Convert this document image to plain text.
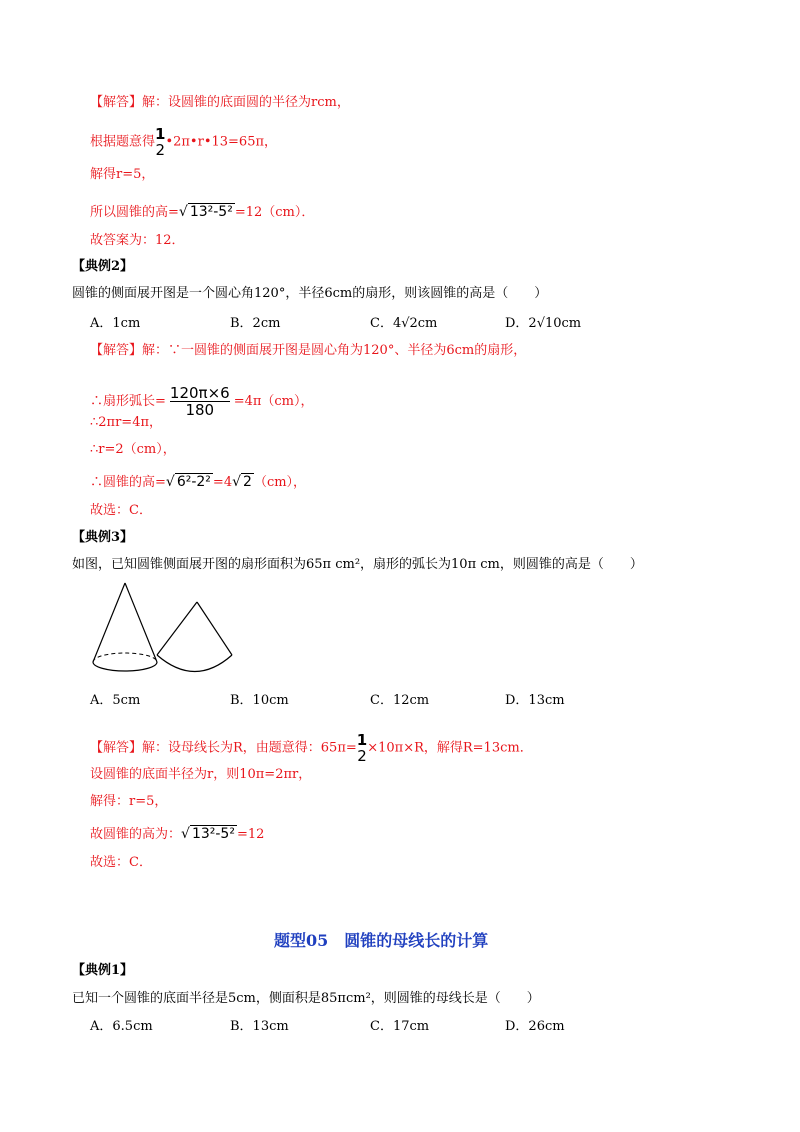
【解答】解：设圆锥的底面圆的半径为rcm，
根据题意得 1
2 •2π•r•13=65π，
解得r=5，
所以圆锥的高=√ 13²-5² =12（cm）．
故答案为：12．
【典例2】
圆锥的侧面展开图是一个圆心角120°，半径6cm的扇形，则该圆锥的高是（　　）
A．1cm	B．2cm	C．4√2cm	D．2√10cm
【解答】解：∵一圆锥的侧面展开图是圆心角为120°、半径为6cm的扇形，
∴扇形弧长= $\frac{120\pi\times 6}{180} =4\pi(cm)$，
∴2πr=4π，
∴r=2（cm），
∴圆锥的高=√ 6²-2² =4√ 2 （cm），
故选：C．
【典例3】
如图，已知圆锥侧面展开图的扇形面积为65π cm²，扇形的弧长为10π cm，则圆锥的高是（　　）
A．5cm	B．10cm	C．12cm	D．13cm
【解答】解：设母线长为R，由题意得：65π= 1
2 ×10π×R，解得R=13cm．
设圆锥的底面半径为r，则10π=2πr，
解得：r=5，
故圆锥的高为：√ 13²-5² =12
故选：C．
题型05　圆锥的母线长的计算
【典例1】
已知一个圆锥的底面半径是5cm，侧面积是85πcm²，则圆锥的母线长是（　　）
A．6.5cm	B．13cm	C．17cm	D．26cm
